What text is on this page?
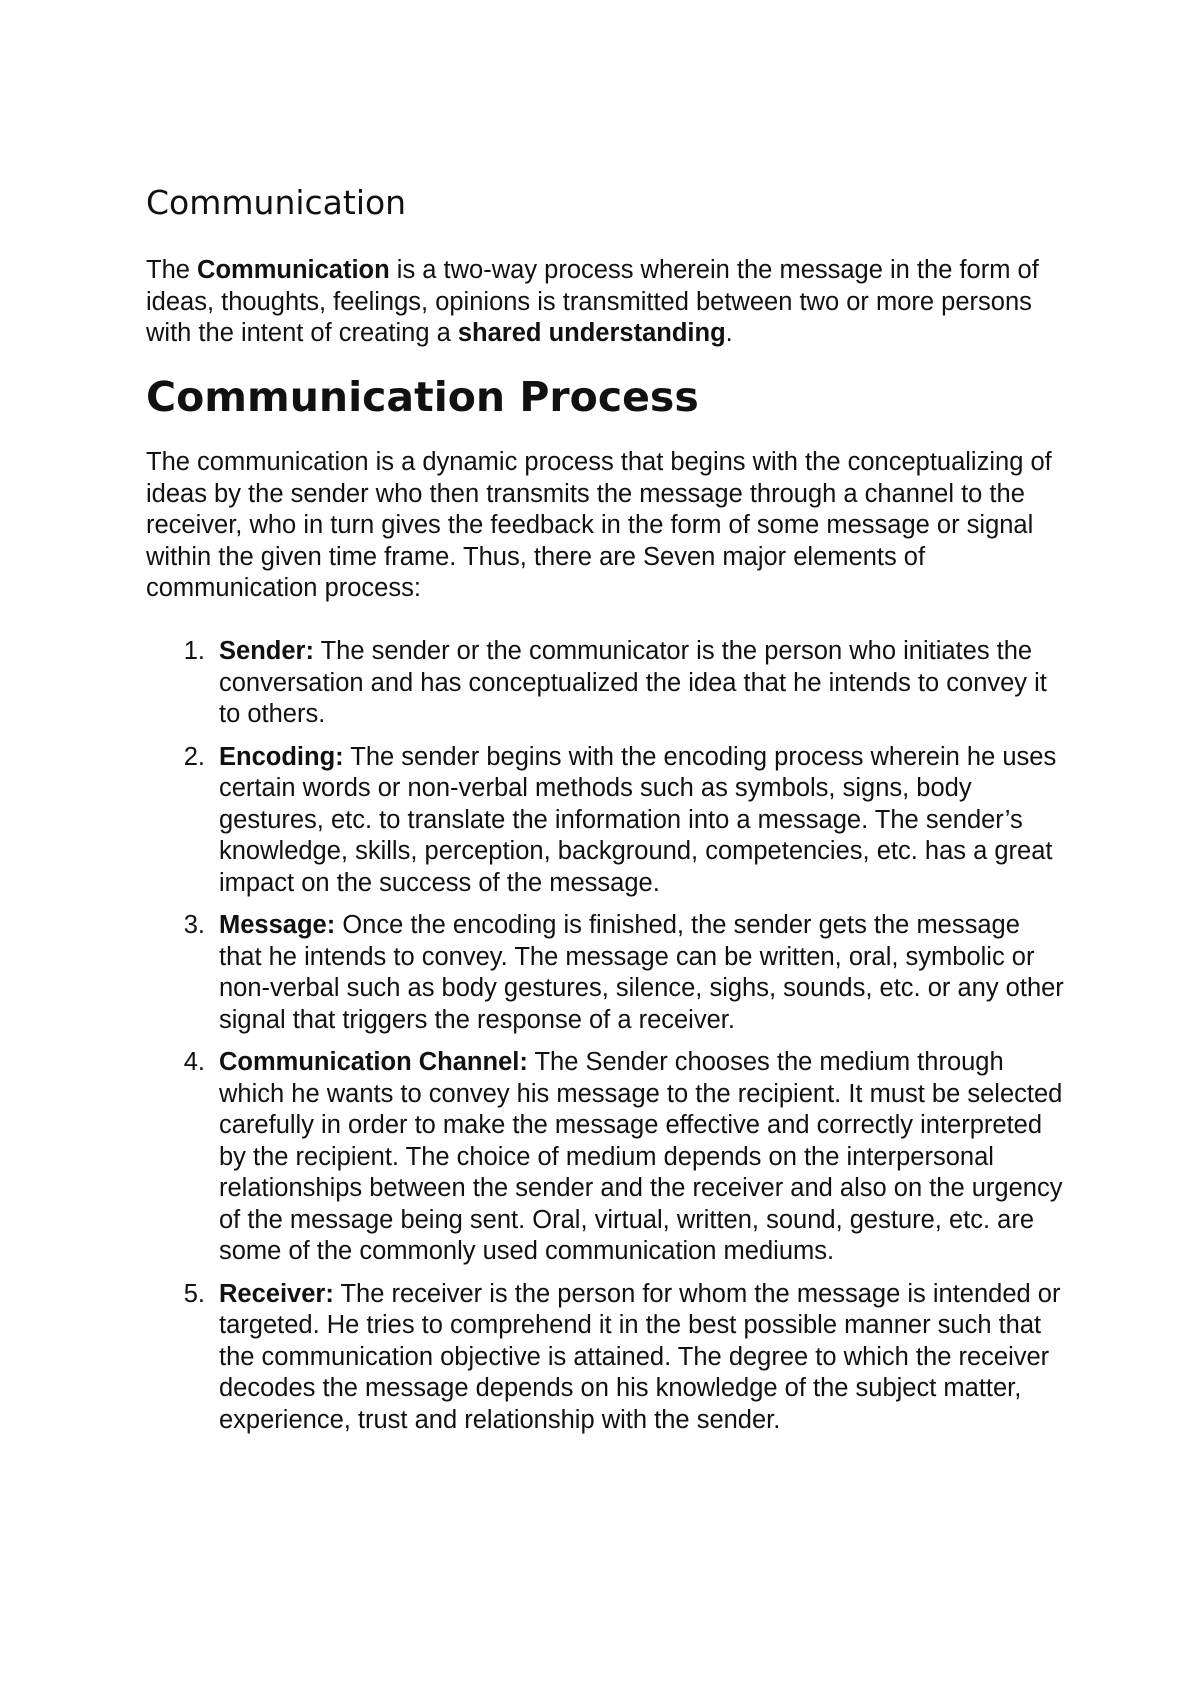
Communication

The Communication is a two-way process wherein the message in the form of ideas, thoughts, feelings, opinions is transmitted between two or more persons with the intent of creating a shared understanding.

Communication Process

The communication is a dynamic process that begins with the conceptualizing of ideas by the sender who then transmits the message through a channel to the receiver, who in turn gives the feedback in the form of some message or signal within the given time frame. Thus, there are Seven major elements of communication process:

1. Sender: The sender or the communicator is the person who initiates the conversation and has conceptualized the idea that he intends to convey it to others.
2. Encoding: The sender begins with the encoding process wherein he uses certain words or non-verbal methods such as symbols, signs, body gestures, etc. to translate the information into a message. The sender’s knowledge, skills, perception, background, competencies, etc. has a great impact on the success of the message.
3. Message: Once the encoding is finished, the sender gets the message that he intends to convey. The message can be written, oral, symbolic or non-verbal such as body gestures, silence, sighs, sounds, etc. or any other signal that triggers the response of a receiver.
4. Communication Channel: The Sender chooses the medium through which he wants to convey his message to the recipient. It must be selected carefully in order to make the message effective and correctly interpreted by the recipient. The choice of medium depends on the interpersonal relationships between the sender and the receiver and also on the urgency of the message being sent. Oral, virtual, written, sound, gesture, etc. are some of the commonly used communication mediums.
5. Receiver: The receiver is the person for whom the message is intended or targeted. He tries to comprehend it in the best possible manner such that the communication objective is attained. The degree to which the receiver decodes the message depends on his knowledge of the subject matter, experience, trust and relationship with the sender.
